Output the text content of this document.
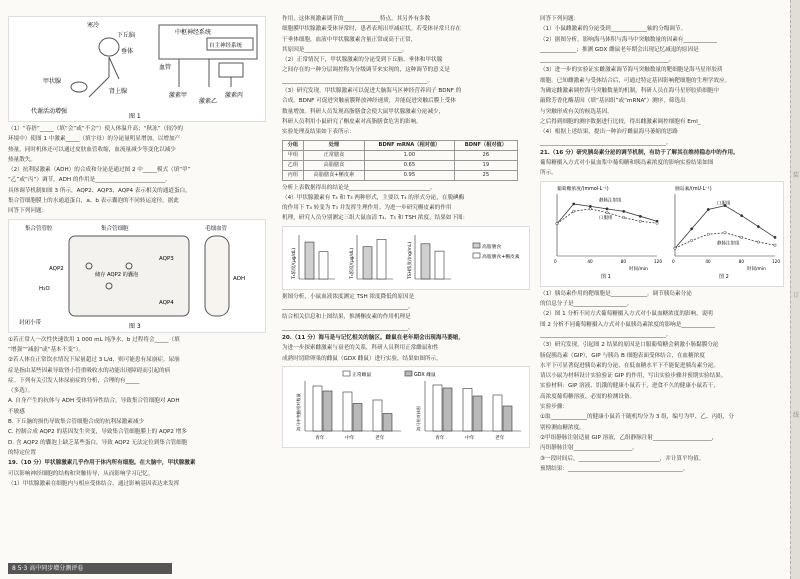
寒冷
下丘脑
垂体
甲状腺
肾上腺
中枢神经系统
自主神经系统
血管
激素甲
激素乙
激素丙
代谢活动增强
图 1

（1）“春捂”_____（填“会”或“不会”）使人体温升高；“秋冻”（较冷的

环境中）使图 1 中激素_____（填字母）的分泌量明显增加，以增加产

热量，同时机体还可以通过皮肤血管收缩，血流量减少等变化以减少

热量散失。

（2）抗利尿激素（ADH）的合成和分泌是通过图 2 中_____模式（填“甲”

“乙”或“丙”）调节，ADH 的作用是_________________________。

具体调节机制如图 3 所示，AQP2、AQP3、AQP4 表示相关的通道蛋白，

集合管细胞膜上的水通道蛋白，a、b 表示囊泡的不同转运途径。据此

回答下列问题：

集合管管腔	集合管细胞	毛细血管
ADH
AQP3
AQP4
AQP2
H₂O
储存 AQP2 的囊泡
封闭小带	图 3

①若正常人一次性快速饮用 1 000 mL 纯净水，b 过程将会_____（填

“增强”“减弱”或“基本不变”）。

②若人体在正常饮水情况下尿量超过 3 L/d，则可能患有尿崩症。尿崩

症是指由某些因素导致肾小管重吸收水的功能出现障碍而引起的病

症。下列有关引发人体尿崩症的分析，合理的有_____

（多选）。

A. 自身产生的抗体与 ADH 受体特异性结合，导致集合管细胞对 ADH

不敏感

B. 下丘脑的损伤导致集合管细胞合成的抗利尿激素减少

C. 控制合成 AQP2 的基因发生突变，导致集合管细胞膜上的 AQP2 增多

D. 含 AQP2 的囊泡上缺乏某些蛋白，导致 AQP2 无法定位到集合管细胞

的特定位置

19.（10 分）甲状腺激素几乎作用于体内所有细胞。在大脑中，甲状腺激素

可以影响神经细胞的结构和突触传导，从而影响学习记忆。

（1）甲状腺激素在细胞内与相应受体结合，通过影响基因表达来发挥

作用，这体现激素调节的_____________特点。其另外有多数

细胞膜甲状腺激素受体异常时，患者表现出甲减症状。若受体异常只存在

于垂体细胞，血液中甲状腺激素含量正常或高于正常，

其原因是___________________________________。

（2）正常情况下，甲状腺激素的分泌受到下丘脑、垂体和甲状腺

之间存在的一种分层调控称为分级调节来实现的，这种调节的意义是

____________________________________________________。

（3）研究发现，甲状腺激素可以促进大脑海马区神经营养因子 BDNF 的

合成。BDNF 可促进突触前膜释放神经递质，并能促进突触后膜上受体

数量增加。科研人员发现高脂膳食会使大鼠甲状腺激素分泌减少，

科研人员利用小鼠研究了槲皮素对高脂膳食危害的影响。

实验处理及结果如下表所示：

分组	处理	BDNF mRNA（相对值）	BDNF（相对值）
甲组	正常膳食	1.00	26
乙组	高脂膳食	0.65	19
丙组	高脂膳食+槲皮素	0.95	25

分析上表数据得出的结论是_____________________________。

（4）甲状腺激素有 T₄ 和 T₃ 两种形式，主要以 T₄ 的形式分泌，在脱碘酶

的作用下 T₄ 转变为 T₃ 并发挥生理作用。为进一步研究槲皮素的作用

机理，研究人员分别测定三组大鼠血清 T₄、T₃ 和 TSH 浓度，结果如下图：

T₄浓度/(μg/dL)	T₃浓度/(μg/dL)	TSH浓度/(ng/mL)	高脂膳食
高脂膳食+槲皮素

据图分析，小鼠血液浓度测定 TSH 浓度降低的原因是

_____________________________________________。

结合相关信息和上图结果，推测槲皮素的作用机理是

_____________________________________________。

20.（11 分）海马是与记忆相关的脑区。雌鼠在老年期会出现海马萎缩，

为进一步探索雌激素与衰老的关系，科研人员利用正常雌鼠和性

成熟时切除卵巢的雌鼠（GDX 雌鼠）进行实验，结果如图所示。

正常雌鼠	GDX 雌鼠
海马中突触相对数量
青年	中年	老年
海马相对体积
青年	中年	老年

回答下列问题：

（1）小鼠雌激素的分泌受到_____________轴的分级调节。

（2）据图分析，影响海马体积与海马中突触数量的因素有____________

_____________；推测 GDX 雌鼠老年期会出现记忆减退的原因是

______________________________________________。

（3）进一步的实验证实雌激素调节海马突触数量的靶细胞是海马星形胶质

细胞。已知雌激素与受体结合后，可通过特定基因影响靶细胞的生理学效应。

为确定雌激素调控海马突触数量的机制，科研人员在海马星形胶质细胞中

敲除芳香化酶基因（填“基因组”或“mRNA”）测序，筛选出

与突触形成有关的候选基因，

之后得到细胞的测序数据进行比较，得出雌激素调控细胞有 Eml_

（4）根据上述结果，提出一种治疗雌鼠海马萎缩的思路

_____________________________________________。

21.（16 分）研究胰岛素分泌的调节机制，有助于了解其在维持稳态中的作用。

葡萄糖摄入方式对小鼠血浆中葡萄糖和胰岛素浓度的影响实验结果如图

所示。

葡萄糖浓度/(mmol·L⁻¹)
0	40	80	120
时间/min
静脉注射组
口服组
图 1
胰岛素/(mU·L⁻¹)
0	40	80	120
时间/min
口服组
静脉注射组
图 2

（1）胰岛素作用的靶细胞是_____________。调节胰岛素分泌

的信息分子是___________________。

（2）图 1 分析不同方式葡萄糖摄入方式对小鼠血糖浓度的影响，说明

图 2 分析不同葡萄糖摄入方式对小鼠胰岛素浓度的影响是____________

_____________________________________________。

（3）研究发现，引起图 2 结果的原因是口服葡萄糖会刺激小肠黏膜分泌

肠促胰岛素（GIP），GIP 与胰岛 B 细胞表面受体结合，在血糖浓度

水平下可显著促进胰岛素的分泌，在低血糖水平下不能促进胰岛素分泌。

请以小鼠为材料设计实验验证 GIP 的作用，写出实验步骤并预期实验结果。

实验材料：GIP 溶液、饥饿的健康小鼠若干，进食不久的健康小鼠若干，

高浓度葡萄糖溶液、必需的检测设备。

实验步骤：

①取_____________的健康小鼠若干随机均分为 3 组，编号为甲、乙、丙组，分

别检测血糖浓度。

②甲组静脉注射适量 GIP 溶液，乙组静脉注射_____________________，

丙组静脉注射_____________________。

③一段时间后，_____________________________，并计算平均值。

预期结果：_________________________________________。

8 5·3 高中同步增分测评卷
装
订
线
